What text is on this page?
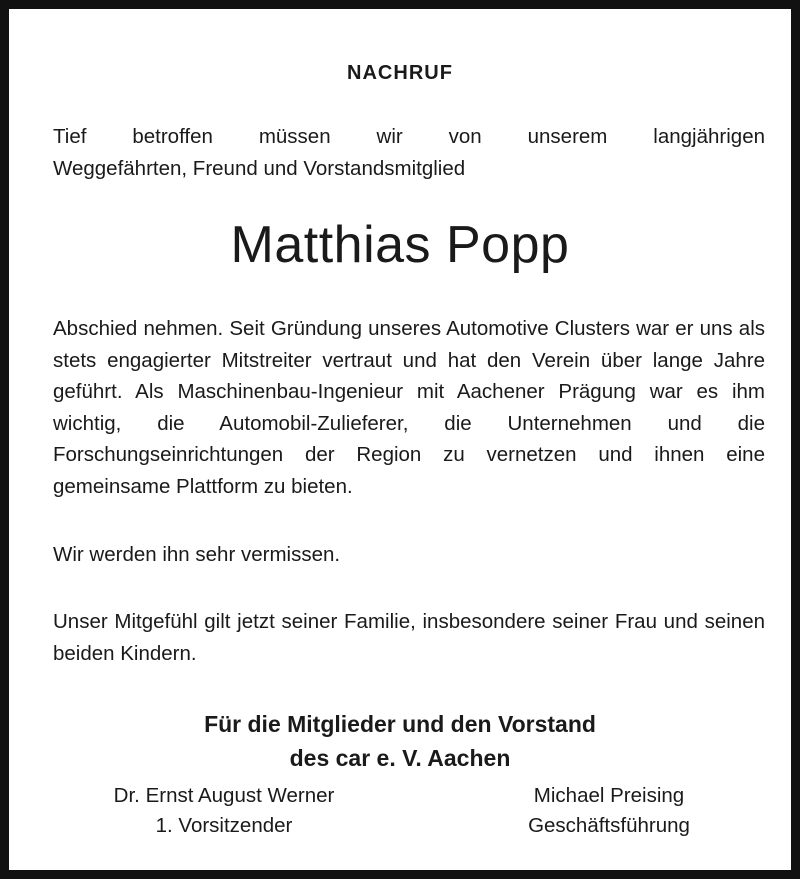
NACHRUF
Tief betroffen müssen wir von unserem langjährigen
Weggefährten, Freund und Vorstandsmitglied
Matthias Popp

Abschied nehmen. Seit Gründung unseres Automotive Clusters war er uns als stets engagierter Mitstreiter vertraut und hat den Verein über lange Jahre geführt. Als Maschinenbau-Ingenieur mit Aachener Prägung war es ihm wichtig, die Automobil-Zulieferer, die Unternehmen und die Forschungseinrichtungen der Region zu vernetzen und ihnen eine gemeinsame Plattform zu bieten.

Wir werden ihn sehr vermissen.

Unser Mitgefühl gilt jetzt seiner Familie, insbesondere seiner Frau und seinen beiden Kindern.

Für die Mitglieder und den Vorstand
des car e. V. Aachen
Dr. Ernst August Werner
1. Vorsitzender
Michael Preising
Geschäftsführung
